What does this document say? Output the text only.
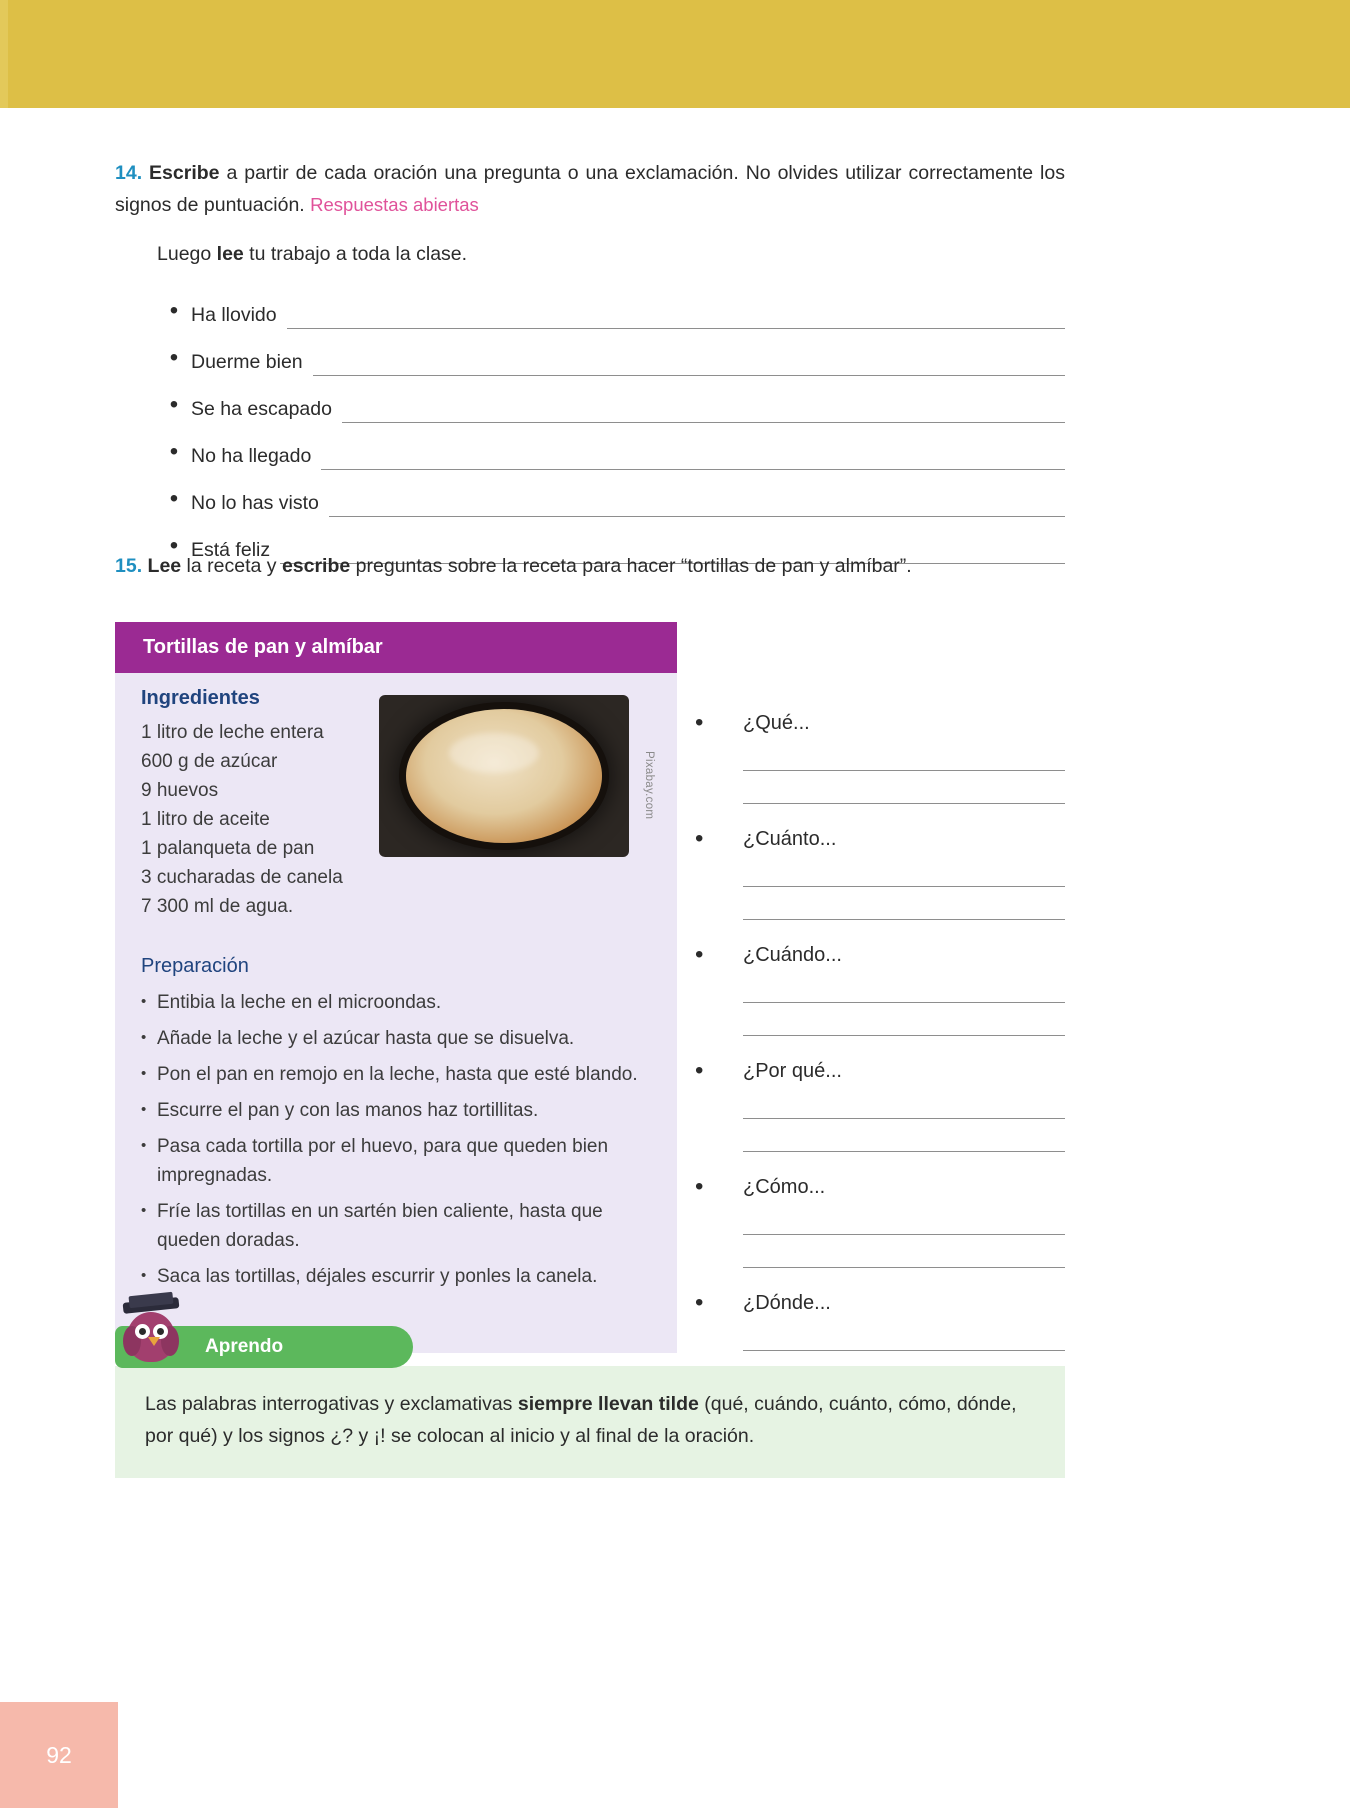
14. Escribe a partir de cada oración una pregunta o una exclamación. No olvides utilizar correctamente los signos de puntuación. Respuestas abiertas
Luego lee tu trabajo a toda la clase.
• Ha llovido
• Duerme bien
• Se ha escapado
• No ha llegado
• No lo has visto
• Está feliz
15. Lee la receta y escribe preguntas sobre la receta para hacer “tortillas de pan y almíbar”.
Tortillas de pan y almíbar
Ingredientes
1 litro de leche entera
600 g de azúcar
9 huevos
1 litro de aceite
1 palanqueta de pan
3 cucharadas de canela
7 300 ml de agua.
Pixabay.com
Preparación
• Entibia la leche en el microondas.
• Añade la leche y el azúcar hasta que se disuelva.
• Pon el pan en remojo en la leche, hasta que esté blando.
• Escurre el pan y con las manos haz tortillitas.
• Pasa cada tortilla por el huevo, para que queden bien impregnadas.
• Fríe las tortillas en un sartén bien caliente, hasta que queden doradas.
• Saca las tortillas, déjales escurrir y ponles la canela.
•	¿Qué...
•	¿Cuánto...
•	¿Cuándo...
•	¿Por qué...
•	¿Cómo...
•	¿Dónde...
Aprendo
Las palabras interrogativas y exclamativas siempre llevan tilde (qué, cuándo, cuánto, cómo, dónde, por qué) y los signos ¿? y ¡! se colocan al inicio y al final de la oración.
92
